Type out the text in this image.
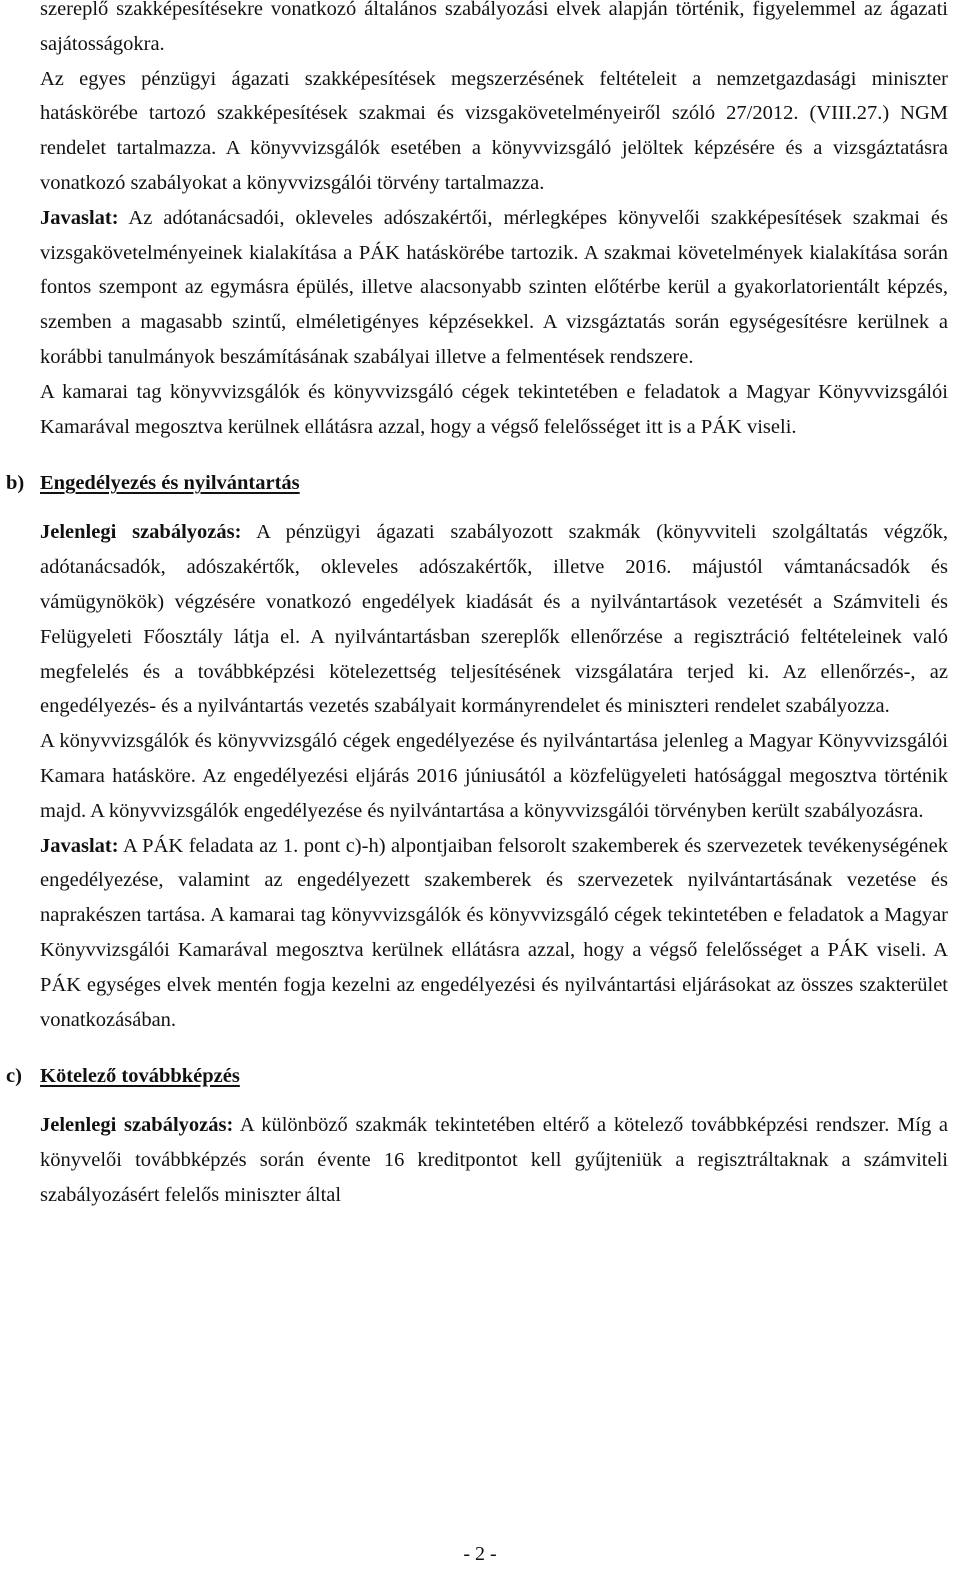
szereplő szakképesítésekre vonatkozó általános szabályozási elvek alapján történik, figyelemmel az ágazati sajátosságokra.

Az egyes pénzügyi ágazati szakképesítések megszerzésének feltételeit a nemzetgazdasági miniszter hatáskörébe tartozó szakképesítések szakmai és vizsgakövetelményeiről szóló 27/2012. (VIII.27.) NGM rendelet tartalmazza. A könyvvizsgálók esetében a könyvvizsgáló jelöltek képzésére és a vizsgáztatásra vonatkozó szabályokat a könyvvizsgálói törvény tartalmazza.

Javaslat: Az adótanácsadói, okleveles adószakértői, mérlegképes könyvelői szakképesítések szakmai és vizsgakövetelményeinek kialakítása a PÁK hatáskörébe tartozik. A szakmai követelmények kialakítása során fontos szempont az egymásra épülés, illetve alacsonyabb szinten előtérbe kerül a gyakorlatorientált képzés, szemben a magasabb szintű, elméletigényes képzésekkel. A vizsgáztatás során egységesítésre kerülnek a korábbi tanulmányok beszámításának szabályai illetve a felmentések rendszere.

A kamarai tag könyvvizsgálók és könyvvizsgáló cégek tekintetében e feladatok a Magyar Könyvvizsgálói Kamarával megosztva kerülnek ellátásra azzal, hogy a végső felelősséget itt is a PÁK viseli.

b) Engedélyezés és nyilvántartás

Jelenlegi szabályozás: A pénzügyi ágazati szabályozott szakmák (könyvviteli szolgáltatás végzők, adótanácsadók, adószakértők, okleveles adószakértők, illetve 2016. májustól vámtanácsadók és vámügynökök) végzésére vonatkozó engedélyek kiadását és a nyilvántartások vezetését a Számviteli és Felügyeleti Főosztály látja el. A nyilvántartásban szereplők ellenőrzése a regisztráció feltételeinek való megfelelés és a továbbképzési kötelezettség teljesítésének vizsgálatára terjed ki. Az ellenőrzés-, az engedélyezés- és a nyilvántartás vezetés szabályait kormányrendelet és miniszteri rendelet szabályozza.

A könyvvizsgálók és könyvvizsgáló cégek engedélyezése és nyilvántartása jelenleg a Magyar Könyvvizsgálói Kamara hatásköre. Az engedélyezési eljárás 2016 júniusától a közfelügyeleti hatósággal megosztva történik majd. A könyvvizsgálók engedélyezése és nyilvántartása a könyvvizsgálói törvényben került szabályozásra.

Javaslat: A PÁK feladata az 1. pont c)-h) alpontjaiban felsorolt szakemberek és szervezetek tevékenységének engedélyezése, valamint az engedélyezett szakemberek és szervezetek nyilvántartásának vezetése és naprakészen tartása. A kamarai tag könyvvizsgálók és könyvvizsgáló cégek tekintetében e feladatok a Magyar Könyvvizsgálói Kamarával megosztva kerülnek ellátásra azzal, hogy a végső felelősséget a PÁK viseli. A PÁK egységes elvek mentén fogja kezelni az engedélyezési és nyilvántartási eljárásokat az összes szakterület vonatkozásában.

c) Kötelező továbbképzés

Jelenlegi szabályozás: A különböző szakmák tekintetében eltérő a kötelező továbbképzési rendszer. Míg a könyvelői továbbképzés során évente 16 kreditpontot kell gyűjteniük a regisztráltaknak a számviteli szabályozásért felelős miniszter által

- 2 -
